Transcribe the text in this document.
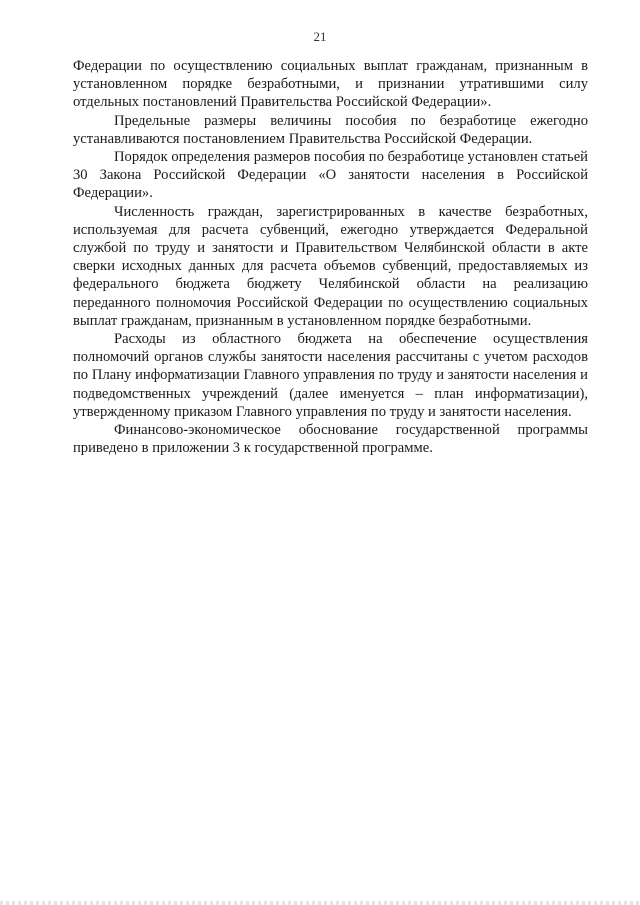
21

Федерации по осуществлению социальных выплат гражданам, признанным в установленном порядке безработными, и признании утратившими силу отдельных постановлений Правительства Российской Федерации».

Предельные размеры величины пособия по безработице ежегодно устанавливаются постановлением Правительства Российской Федерации.

Порядок определения размеров пособия по безработице установлен статьей 30 Закона Российской Федерации «О занятости населения в Российской Федерации».

Численность граждан, зарегистрированных в качестве безработных, используемая для расчета субвенций, ежегодно утверждается Федеральной службой по труду и занятости и Правительством Челябинской области в акте сверки исходных данных для расчета объемов субвенций, предоставляемых из федерального бюджета бюджету Челябинской области на реализацию переданного полномочия Российской Федерации по осуществлению социальных выплат гражданам, признанным в установленном порядке безработными.

Расходы из областного бюджета на обеспечение осуществления полномочий органов службы занятости населения рассчитаны с учетом расходов по Плану информатизации Главного управления по труду и занятости населения и подведомственных учреждений (далее именуется – план информатизации), утвержденному приказом Главного управления по труду и занятости населения.

Финансово-экономическое обоснование государственной программы приведено в приложении 3 к государственной программе.
